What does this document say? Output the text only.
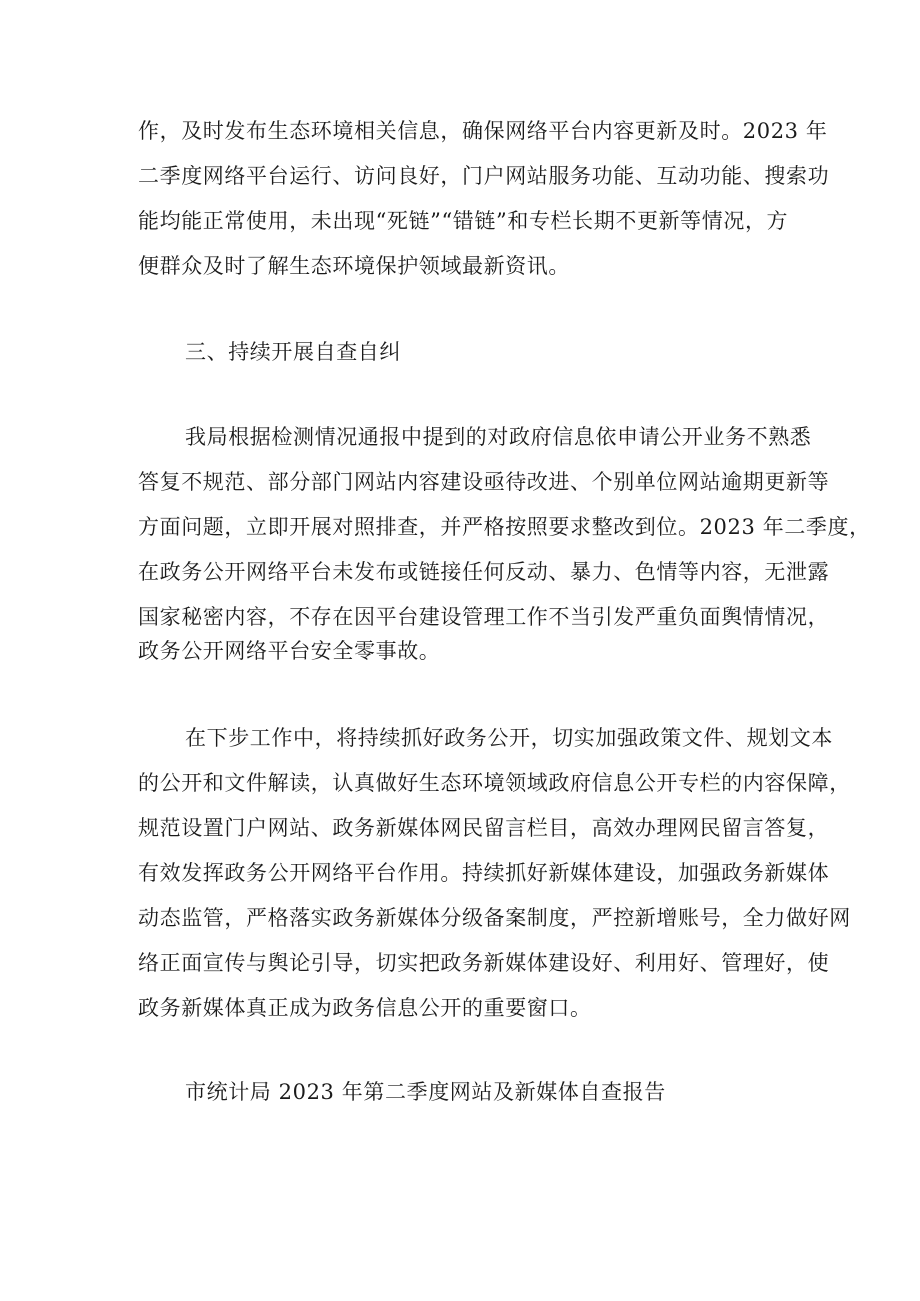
作，及时发布生态环境相关信息，确保网络平台内容更新及时。2023 年
二季度网络平台运行、访问良好，门户网站服务功能、互动功能、搜索功
能均能正常使用，未出现“死链”“错链”和专栏长期不更新等情况，方
便群众及时了解生态环境保护领域最新资讯。
三、持续开展自查自纠
我局根据检测情况通报中提到的对政府信息依申请公开业务不熟悉
答复不规范、部分部门网站内容建设亟待改进、个别单位网站逾期更新等
方面问题，立即开展对照排查，并严格按照要求整改到位。2023 年二季度，
在政务公开网络平台未发布或链接任何反动、暴力、色情等内容，无泄露
国家秘密内容，不存在因平台建设管理工作不当引发严重负面舆情情况，
政务公开网络平台安全零事故。
在下步工作中，将持续抓好政务公开，切实加强政策文件、规划文本
的公开和文件解读，认真做好生态环境领域政府信息公开专栏的内容保障，
规范设置门户网站、政务新媒体网民留言栏目，高效办理网民留言答复，
有效发挥政务公开网络平台作用。持续抓好新媒体建设，加强政务新媒体
动态监管，严格落实政务新媒体分级备案制度，严控新增账号，全力做好网
络正面宣传与舆论引导，切实把政务新媒体建设好、利用好、管理好，使
政务新媒体真正成为政务信息公开的重要窗口。
市统计局 2023 年第二季度网站及新媒体自查报告
